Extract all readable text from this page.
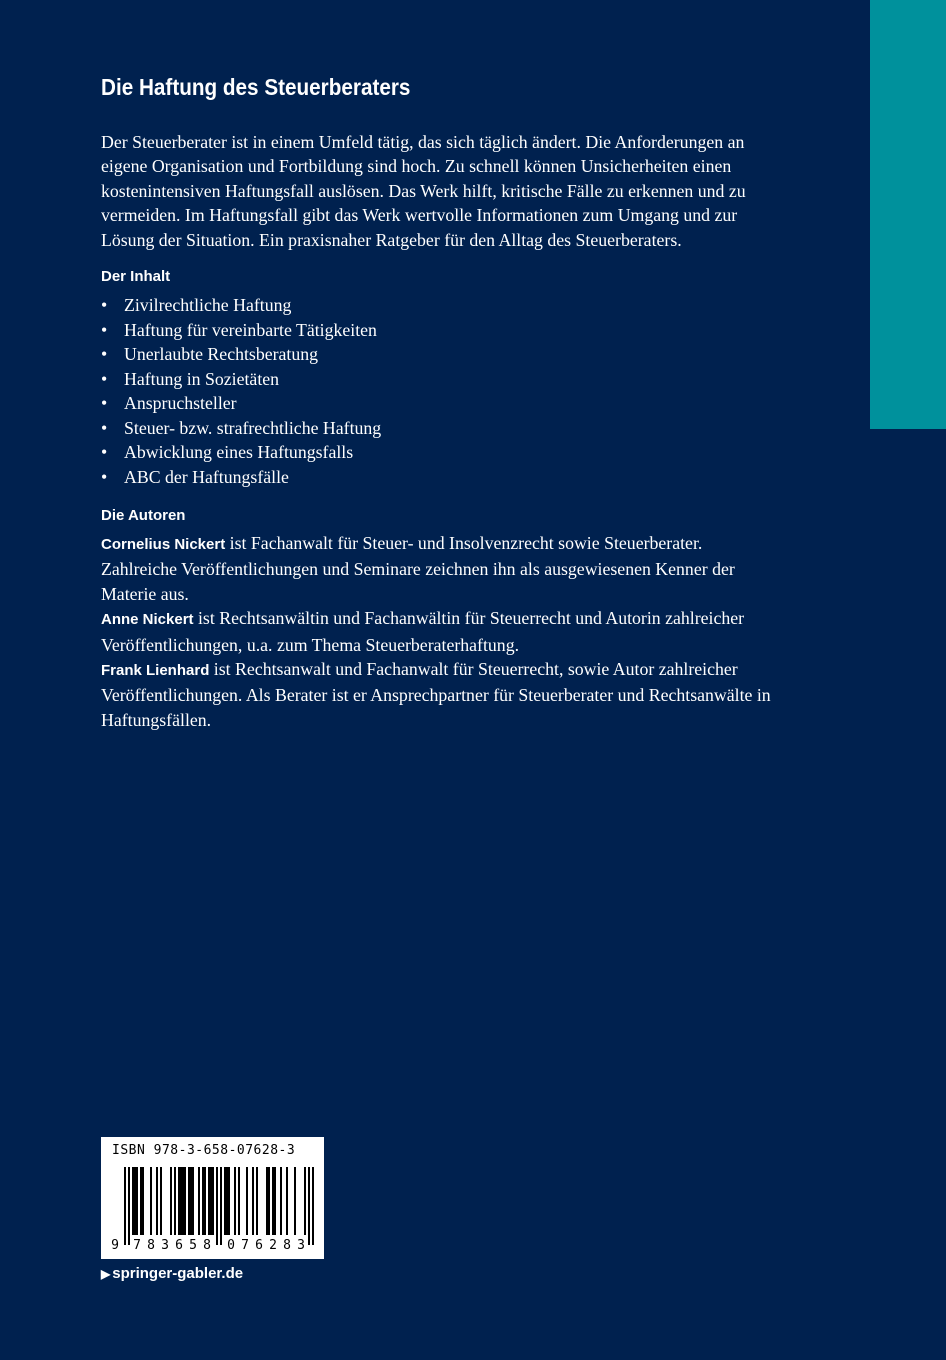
Die Haftung des Steuerberaters

Der Steuerberater ist in einem Umfeld tätig, das sich täglich ändert. Die Anforderungen an eigene Organisation und Fortbildung sind hoch. Zu schnell können Unsicherheiten einen kostenintensiven Haftungsfall auslösen. Das Werk hilft, kritische Fälle zu erkennen und zu vermeiden. Im Haftungsfall gibt das Werk wertvolle Informationen zum Umgang und zur Lösung der Situation. Ein praxisnaher Ratgeber für den Alltag des Steuerberaters.

Der Inhalt
• Zivilrechtliche Haftung
• Haftung für vereinbarte Tätigkeiten
• Unerlaubte Rechtsberatung
• Haftung in Sozietäten
• Anspruchsteller
• Steuer- bzw. strafrechtliche Haftung
• Abwicklung eines Haftungsfalls
• ABC der Haftungsfälle
Die Autoren

Cornelius Nickert ist Fachanwalt für Steuer- und Insolvenzrecht sowie Steuerberater. Zahlreiche Veröffentlichungen und Seminare zeichnen ihn als ausgewiesenen Kenner der Materie aus.

Anne Nickert ist Rechtsanwältin und Fachanwältin für Steuerrecht und Autorin zahlreicher Veröffentlichungen, u.a. zum Thema Steuerberaterhaftung.

Frank Lienhard ist Rechtsanwalt und Fachanwalt für Steuerrecht, sowie Autor zahlreicher Veröffentlichungen. Als Berater ist er Ansprechpartner für Steuerberater und Rechtsanwälte in Haftungsfällen.

ISBN 978-3-658-07628-3

9 7 8 3 6 5 8 0 7 6 2 8 3

▶ springer-gabler.de
